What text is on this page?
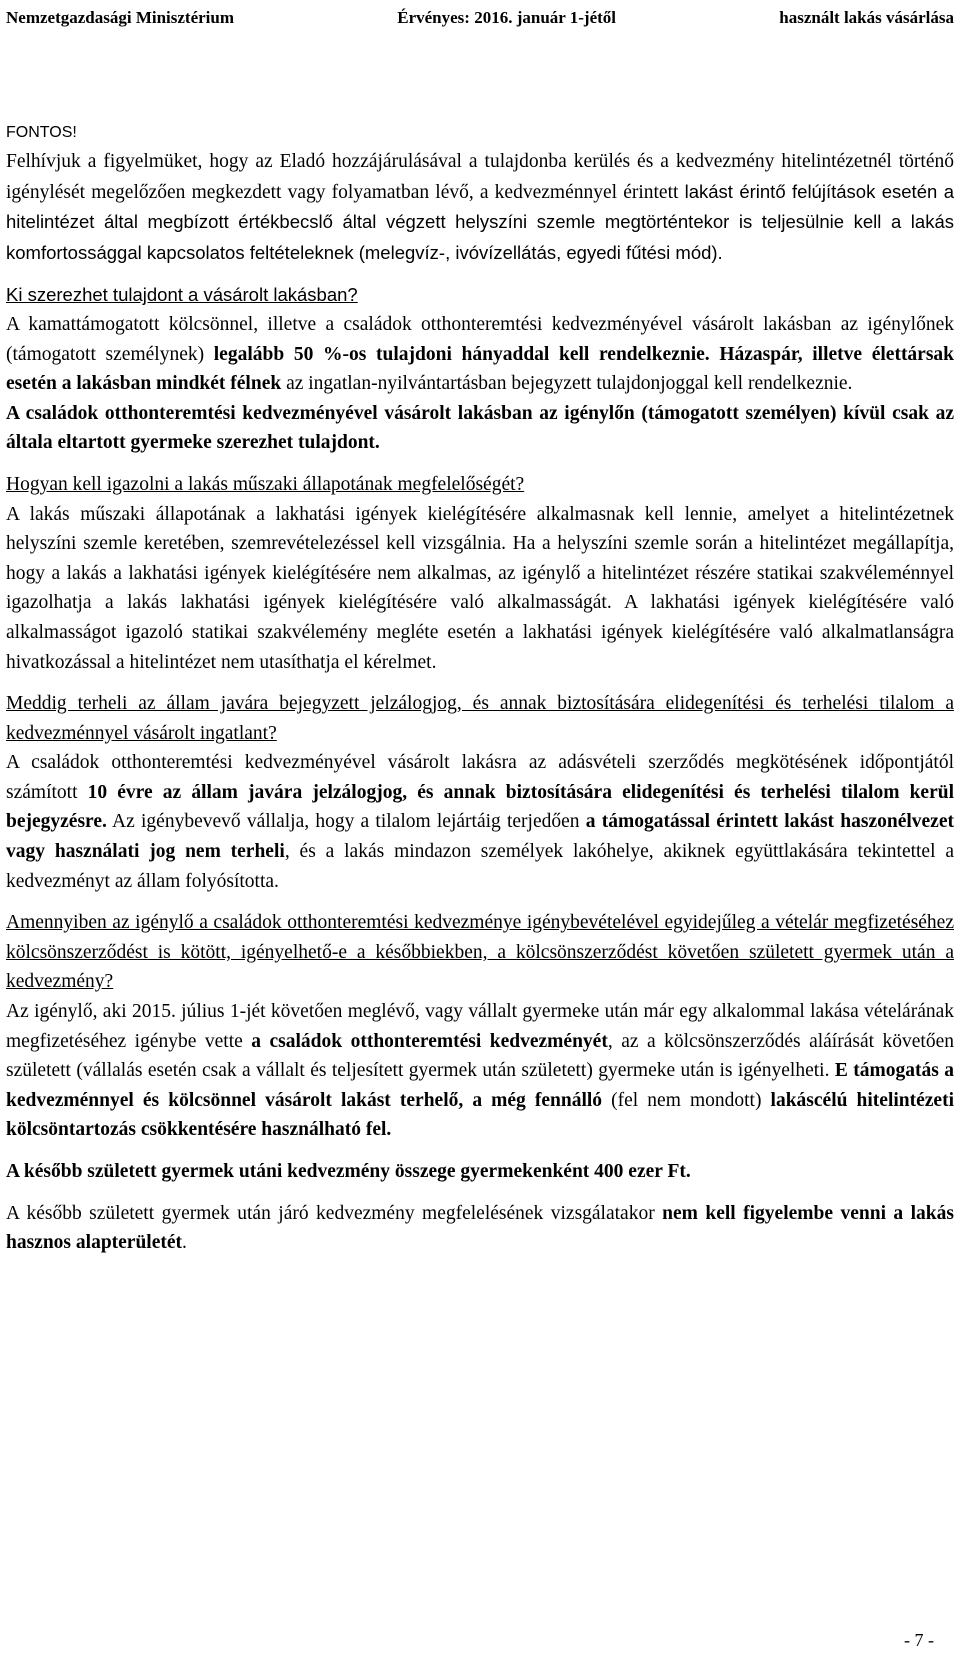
Nemzetgazdasági Minisztérium	Érvényes: 2016. január 1-jétől	használt lakás vásárlása

FONTOS!

Felhívjuk a figyelmüket, hogy az Eladó hozzájárulásával a tulajdonba kerülés és a kedvezmény hitelintézetnél történő igénylését megelőzően megkezdett vagy folyamatban lévő, a kedvezménnyel érintett lakást érintő felújítások esetén a hitelintézet által megbízott értékbecslő által végzett helyszíni szemle megtörténtekor is teljesülnie kell a lakás komfortossággal kapcsolatos feltételeknek (melegvíz-, ivóvízellátás, egyedi fűtési mód).

Ki szerezhet tulajdont a vásárolt lakásban?

A kamattámogatott kölcsönnel, illetve a családok otthonteremtési kedvezményével vásárolt lakásban az igénylőnek (támogatott személynek) legalább 50 %-os tulajdoni hányaddal kell rendelkeznie. Házaspár, illetve élettársak esetén a lakásban mindkét félnek az ingatlan-nyilvántartásban bejegyzett tulajdonjoggal kell rendelkeznie.

A családok otthonteremtési kedvezményével vásárolt lakásban az igénylőn (támogatott személyen) kívül csak az általa eltartott gyermeke szerezhet tulajdont.

Hogyan kell igazolni a lakás műszaki állapotának megfelelőségét?

A lakás műszaki állapotának a lakhatási igények kielégítésére alkalmasnak kell lennie, amelyet a hitelintézetnek helyszíni szemle keretében, szemrevételezéssel kell vizsgálnia. Ha a helyszíni szemle során a hitelintézet megállapítja, hogy a lakás a lakhatási igények kielégítésére nem alkalmas, az igénylő a hitelintézet részére statikai szakvéleménnyel igazolhatja a lakás lakhatási igények kielégítésére való alkalmasságát. A lakhatási igények kielégítésére való alkalmasságot igazoló statikai szakvélemény megléte esetén a lakhatási igények kielégítésére való alkalmatlanságra hivatkozással a hitelintézet nem utasíthatja el kérelmet.

Meddig terheli az állam javára bejegyzett jelzálogjog, és annak biztosítására elidegenítési és terhelési tilalom a kedvezménnyel vásárolt ingatlant?

A családok otthonteremtési kedvezményével vásárolt lakásra az adásvételi szerződés megkötésének időpontjától számított 10 évre az állam javára jelzálogjog, és annak biztosítására elidegenítési és terhelési tilalom kerül bejegyzésre. Az igénybevevő vállalja, hogy a tilalom lejártáig terjedően a támogatással érintett lakást haszonélvezet vagy használati jog nem terheli, és a lakás mindazon személyek lakóhelye, akiknek együttlakására tekintettel a kedvezményt az állam folyósította.

Amennyiben az igénylő a családok otthonteremtési kedvezménye igénybevételével egyidejűleg a vételár megfizetéséhez kölcsönszerződést is kötött, igényelhető-e a későbbiekben, a kölcsönszerződést követően született gyermek után a kedvezmény?

Az igénylő, aki 2015. július 1-jét követően meglévő, vagy vállalt gyermeke után már egy alkalommal lakása vételárának megfizetéséhez igénybe vette a családok otthonteremtési kedvezményét, az a kölcsönszerződés aláírását követően született (vállalás esetén csak a vállalt és teljesített gyermek után született) gyermeke után is igényelheti. E támogatás a kedvezménnyel és kölcsönnel vásárolt lakást terhelő, a még fennálló (fel nem mondott) lakáscélú hitelintézeti kölcsöntartozás csökkentésére használható fel.

A később született gyermek utáni kedvezmény összege gyermekenként 400 ezer Ft.

A később született gyermek után járó kedvezmény megfelelésének vizsgálatakor nem kell figyelembe venni a lakás hasznos alapterületét.

- 7 -
